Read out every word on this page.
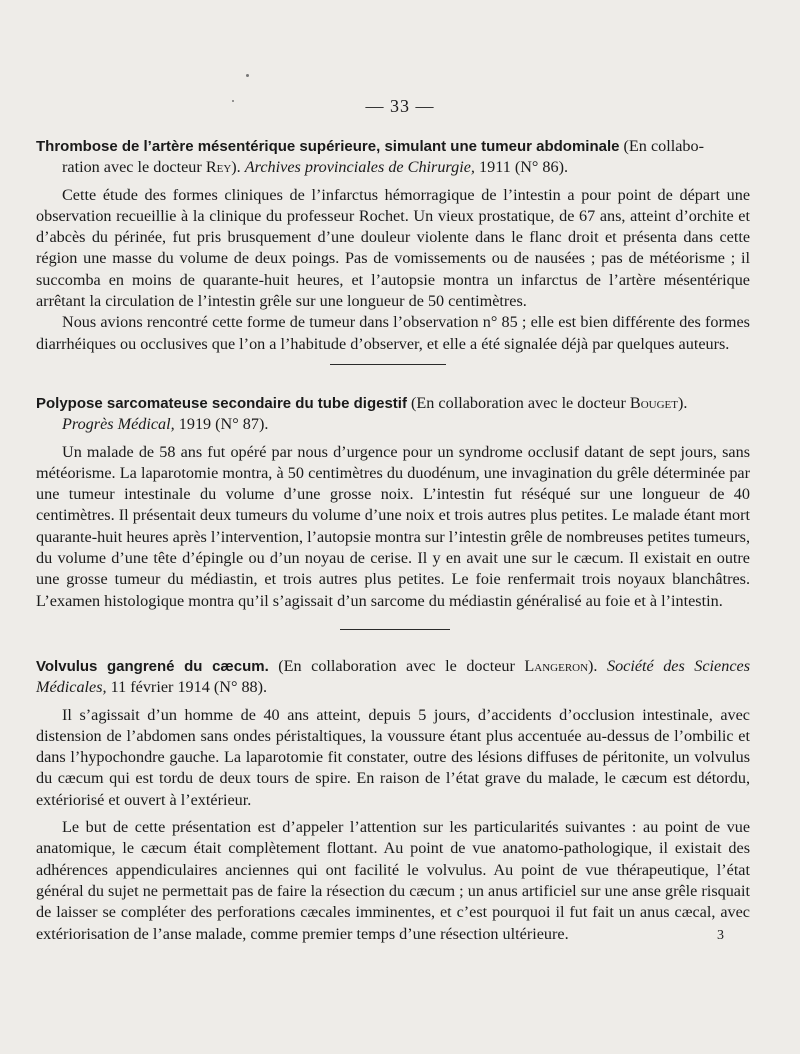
— 33 —

Thrombose de l’artère mésentérique supérieure, simulant une tumeur abdominale (En collabo-
ration avec le docteur Rey). Archives provinciales de Chirurgie, 1911 (N° 86).

Cette étude des formes cliniques de l’infarctus hémorragique de l’intestin a pour point de départ une observation recueillie à la clinique du professeur Rochet. Un vieux prostatique, de 67 ans, atteint d’orchite et d’abcès du périnée, fut pris brusquement d’une douleur violente dans le flanc droit et présenta dans cette région une masse du volume de deux poings. Pas de vomissements ou de nausées ; pas de météorisme ; il succomba en moins de quarante-huit heures, et l’autopsie montra un infarctus de l’artère mésentérique arrêtant la circulation de l’intestin grêle sur une longueur de 50 centimètres.

Nous avions rencontré cette forme de tumeur dans l’observation n° 85 ; elle est bien différente des formes diarrhéiques ou occlusives que l’on a l’habitude d’observer, et elle a été signalée déjà par quelques auteurs.

Polypose sarcomateuse secondaire du tube digestif (En collaboration avec le docteur Bouget).
Progrès Médical, 1919 (N° 87).

Un malade de 58 ans fut opéré par nous d’urgence pour un syndrome occlusif datant de sept jours, sans météorisme. La laparotomie montra, à 50 centimètres du duodénum, une invagination du grêle déterminée par une tumeur intestinale du volume d’une grosse noix. L’intestin fut réséqué sur une longueur de 40 centimètres. Il présentait deux tumeurs du volume d’une noix et trois autres plus petites. Le malade étant mort quarante-huit heures après l’intervention, l’autopsie montra sur l’intestin grêle de nombreuses petites tumeurs, du volume d’une tête d’épingle ou d’un noyau de cerise. Il y en avait une sur le cæcum. Il existait en outre une grosse tumeur du médiastin, et trois autres plus petites. Le foie renfermait trois noyaux blanchâtres. L’examen histologique montra qu’il s’agissait d’un sarcome du médiastin généralisé au foie et à l’intestin.

Volvulus gangrené du cæcum. (En collaboration avec le docteur Langeron). Société des Sciences Médicales, 11 février 1914 (N° 88).

Il s’agissait d’un homme de 40 ans atteint, depuis 5 jours, d’accidents d’occlusion intestinale, avec distension de l’abdomen sans ondes péristaltiques, la voussure étant plus accentuée au-dessus de l’ombilic et dans l’hypochondre gauche. La laparotomie fit constater, outre des lésions diffuses de péritonite, un volvulus du cæcum qui est tordu de deux tours de spire. En raison de l’état grave du malade, le cæcum est détordu, extériorisé et ouvert à l’extérieur.

Le but de cette présentation est d’appeler l’attention sur les particularités suivantes : au point de vue anatomique, le cæcum était complètement flottant. Au point de vue anatomo-pathologique, il existait des adhérences appendiculaires anciennes qui ont facilité le volvulus. Au point de vue thérapeutique, l’état général du sujet ne permettait pas de faire la résection du cæcum ; un anus artificiel sur une anse grêle risquait de laisser se compléter des perforations cæcales imminentes, et c’est pourquoi il fut fait un anus cæcal, avec extériorisation de l’anse malade, comme premier temps d’une résection ultérieure.	3
